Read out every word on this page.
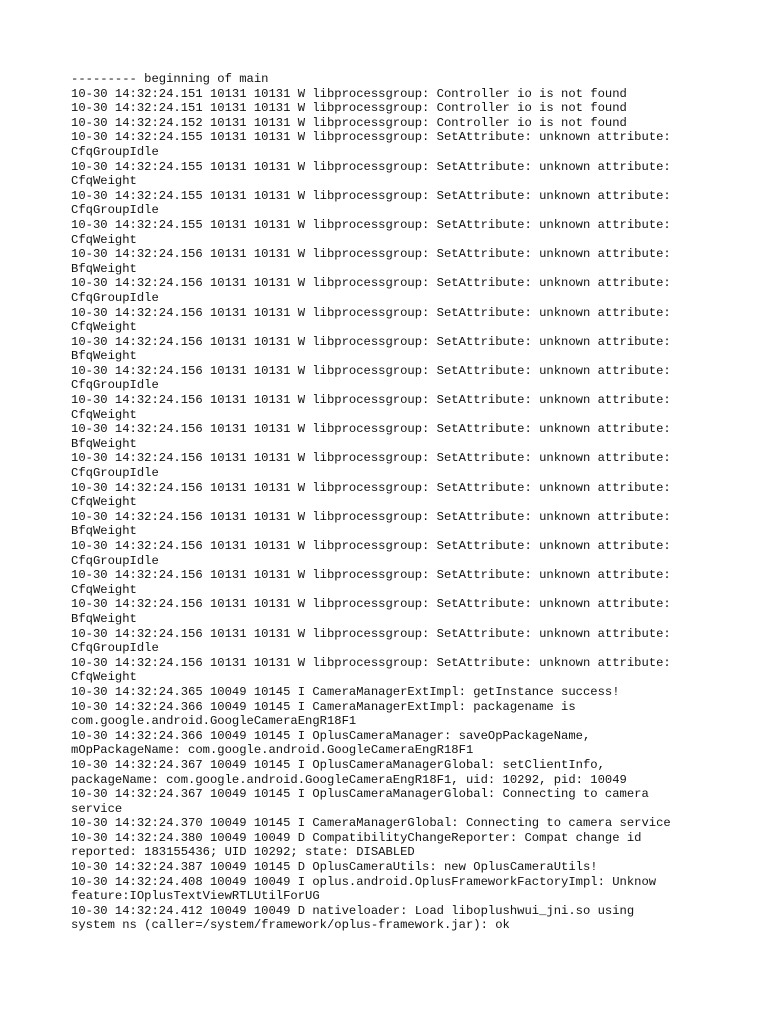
--------- beginning of main
10-30 14:32:24.151 10131 10131 W libprocessgroup: Controller io is not found
10-30 14:32:24.151 10131 10131 W libprocessgroup: Controller io is not found
10-30 14:32:24.152 10131 10131 W libprocessgroup: Controller io is not found
10-30 14:32:24.155 10131 10131 W libprocessgroup: SetAttribute: unknown attribute:
CfqGroupIdle
10-30 14:32:24.155 10131 10131 W libprocessgroup: SetAttribute: unknown attribute:
CfqWeight
10-30 14:32:24.155 10131 10131 W libprocessgroup: SetAttribute: unknown attribute:
CfqGroupIdle
10-30 14:32:24.155 10131 10131 W libprocessgroup: SetAttribute: unknown attribute:
CfqWeight
10-30 14:32:24.156 10131 10131 W libprocessgroup: SetAttribute: unknown attribute:
BfqWeight
10-30 14:32:24.156 10131 10131 W libprocessgroup: SetAttribute: unknown attribute:
CfqGroupIdle
10-30 14:32:24.156 10131 10131 W libprocessgroup: SetAttribute: unknown attribute:
CfqWeight
10-30 14:32:24.156 10131 10131 W libprocessgroup: SetAttribute: unknown attribute:
BfqWeight
10-30 14:32:24.156 10131 10131 W libprocessgroup: SetAttribute: unknown attribute:
CfqGroupIdle
10-30 14:32:24.156 10131 10131 W libprocessgroup: SetAttribute: unknown attribute:
CfqWeight
10-30 14:32:24.156 10131 10131 W libprocessgroup: SetAttribute: unknown attribute:
BfqWeight
10-30 14:32:24.156 10131 10131 W libprocessgroup: SetAttribute: unknown attribute:
CfqGroupIdle
10-30 14:32:24.156 10131 10131 W libprocessgroup: SetAttribute: unknown attribute:
CfqWeight
10-30 14:32:24.156 10131 10131 W libprocessgroup: SetAttribute: unknown attribute:
BfqWeight
10-30 14:32:24.156 10131 10131 W libprocessgroup: SetAttribute: unknown attribute:
CfqGroupIdle
10-30 14:32:24.156 10131 10131 W libprocessgroup: SetAttribute: unknown attribute:
CfqWeight
10-30 14:32:24.156 10131 10131 W libprocessgroup: SetAttribute: unknown attribute:
BfqWeight
10-30 14:32:24.156 10131 10131 W libprocessgroup: SetAttribute: unknown attribute:
CfqGroupIdle
10-30 14:32:24.156 10131 10131 W libprocessgroup: SetAttribute: unknown attribute:
CfqWeight
10-30 14:32:24.365 10049 10145 I CameraManagerExtImpl: getInstance success!
10-30 14:32:24.366 10049 10145 I CameraManagerExtImpl: packagename is
com.google.android.GoogleCameraEngR18F1
10-30 14:32:24.366 10049 10145 I OplusCameraManager: saveOpPackageName,
mOpPackageName: com.google.android.GoogleCameraEngR18F1
10-30 14:32:24.367 10049 10145 I OplusCameraManagerGlobal: setClientInfo,
packageName: com.google.android.GoogleCameraEngR18F1, uid: 10292, pid: 10049
10-30 14:32:24.367 10049 10145 I OplusCameraManagerGlobal: Connecting to camera
service
10-30 14:32:24.370 10049 10145 I CameraManagerGlobal: Connecting to camera service
10-30 14:32:24.380 10049 10049 D CompatibilityChangeReporter: Compat change id
reported: 183155436; UID 10292; state: DISABLED
10-30 14:32:24.387 10049 10145 D OplusCameraUtils: new OplusCameraUtils!
10-30 14:32:24.408 10049 10049 I oplus.android.OplusFrameworkFactoryImpl: Unknow
feature:IOplusTextViewRTLUtilForUG
10-30 14:32:24.412 10049 10049 D nativeloader: Load liboplushwui_jni.so using
system ns (caller=/system/framework/oplus-framework.jar): ok
